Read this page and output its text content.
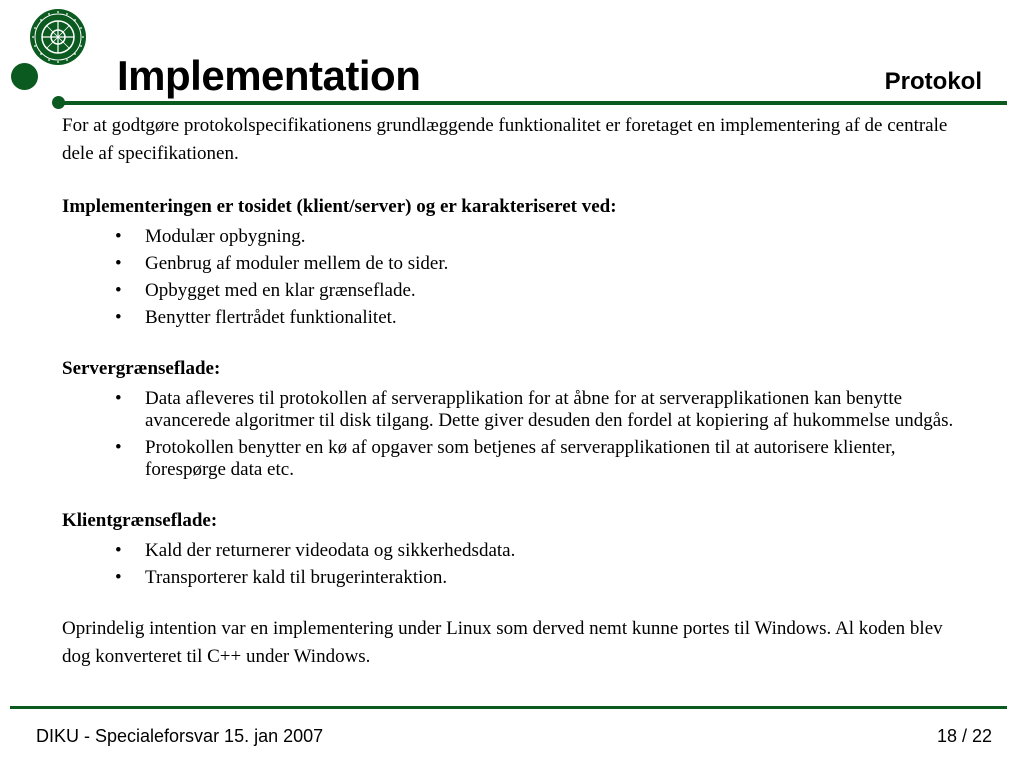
Implementation	Protokol

For at godtgøre protokolspecifikationens grundlæggende funktionalitet er foretaget en implementering af de centrale dele af specifikationen.

Implementeringen er tosidet (klient/server) og er karakteriseret ved:

• Modulær opbygning.
• Genbrug af moduler mellem de to sider.
• Opbygget med en klar grænseflade.
• Benytter flertrådet funktionalitet.

Servergrænseflade:

• Data afleveres til protokollen af serverapplikation for at åbne for at serverapplikationen kan benytte avancerede algoritmer til disk tilgang. Dette giver desuden den fordel at kopiering af hukommelse undgås.
• Protokollen benytter en kø af opgaver som betjenes af serverapplikationen til at autorisere klienter, forespørge data etc.

Klientgrænseflade:

• Kald der returnerer videodata og sikkerhedsdata.
• Transporterer kald til brugerinteraktion.

Oprindelig intention var en implementering under Linux som derved nemt kunne portes til Windows. Al koden blev dog konverteret til C++ under Windows.

DIKU - Specialeforsvar 15. jan 2007	18 / 22
